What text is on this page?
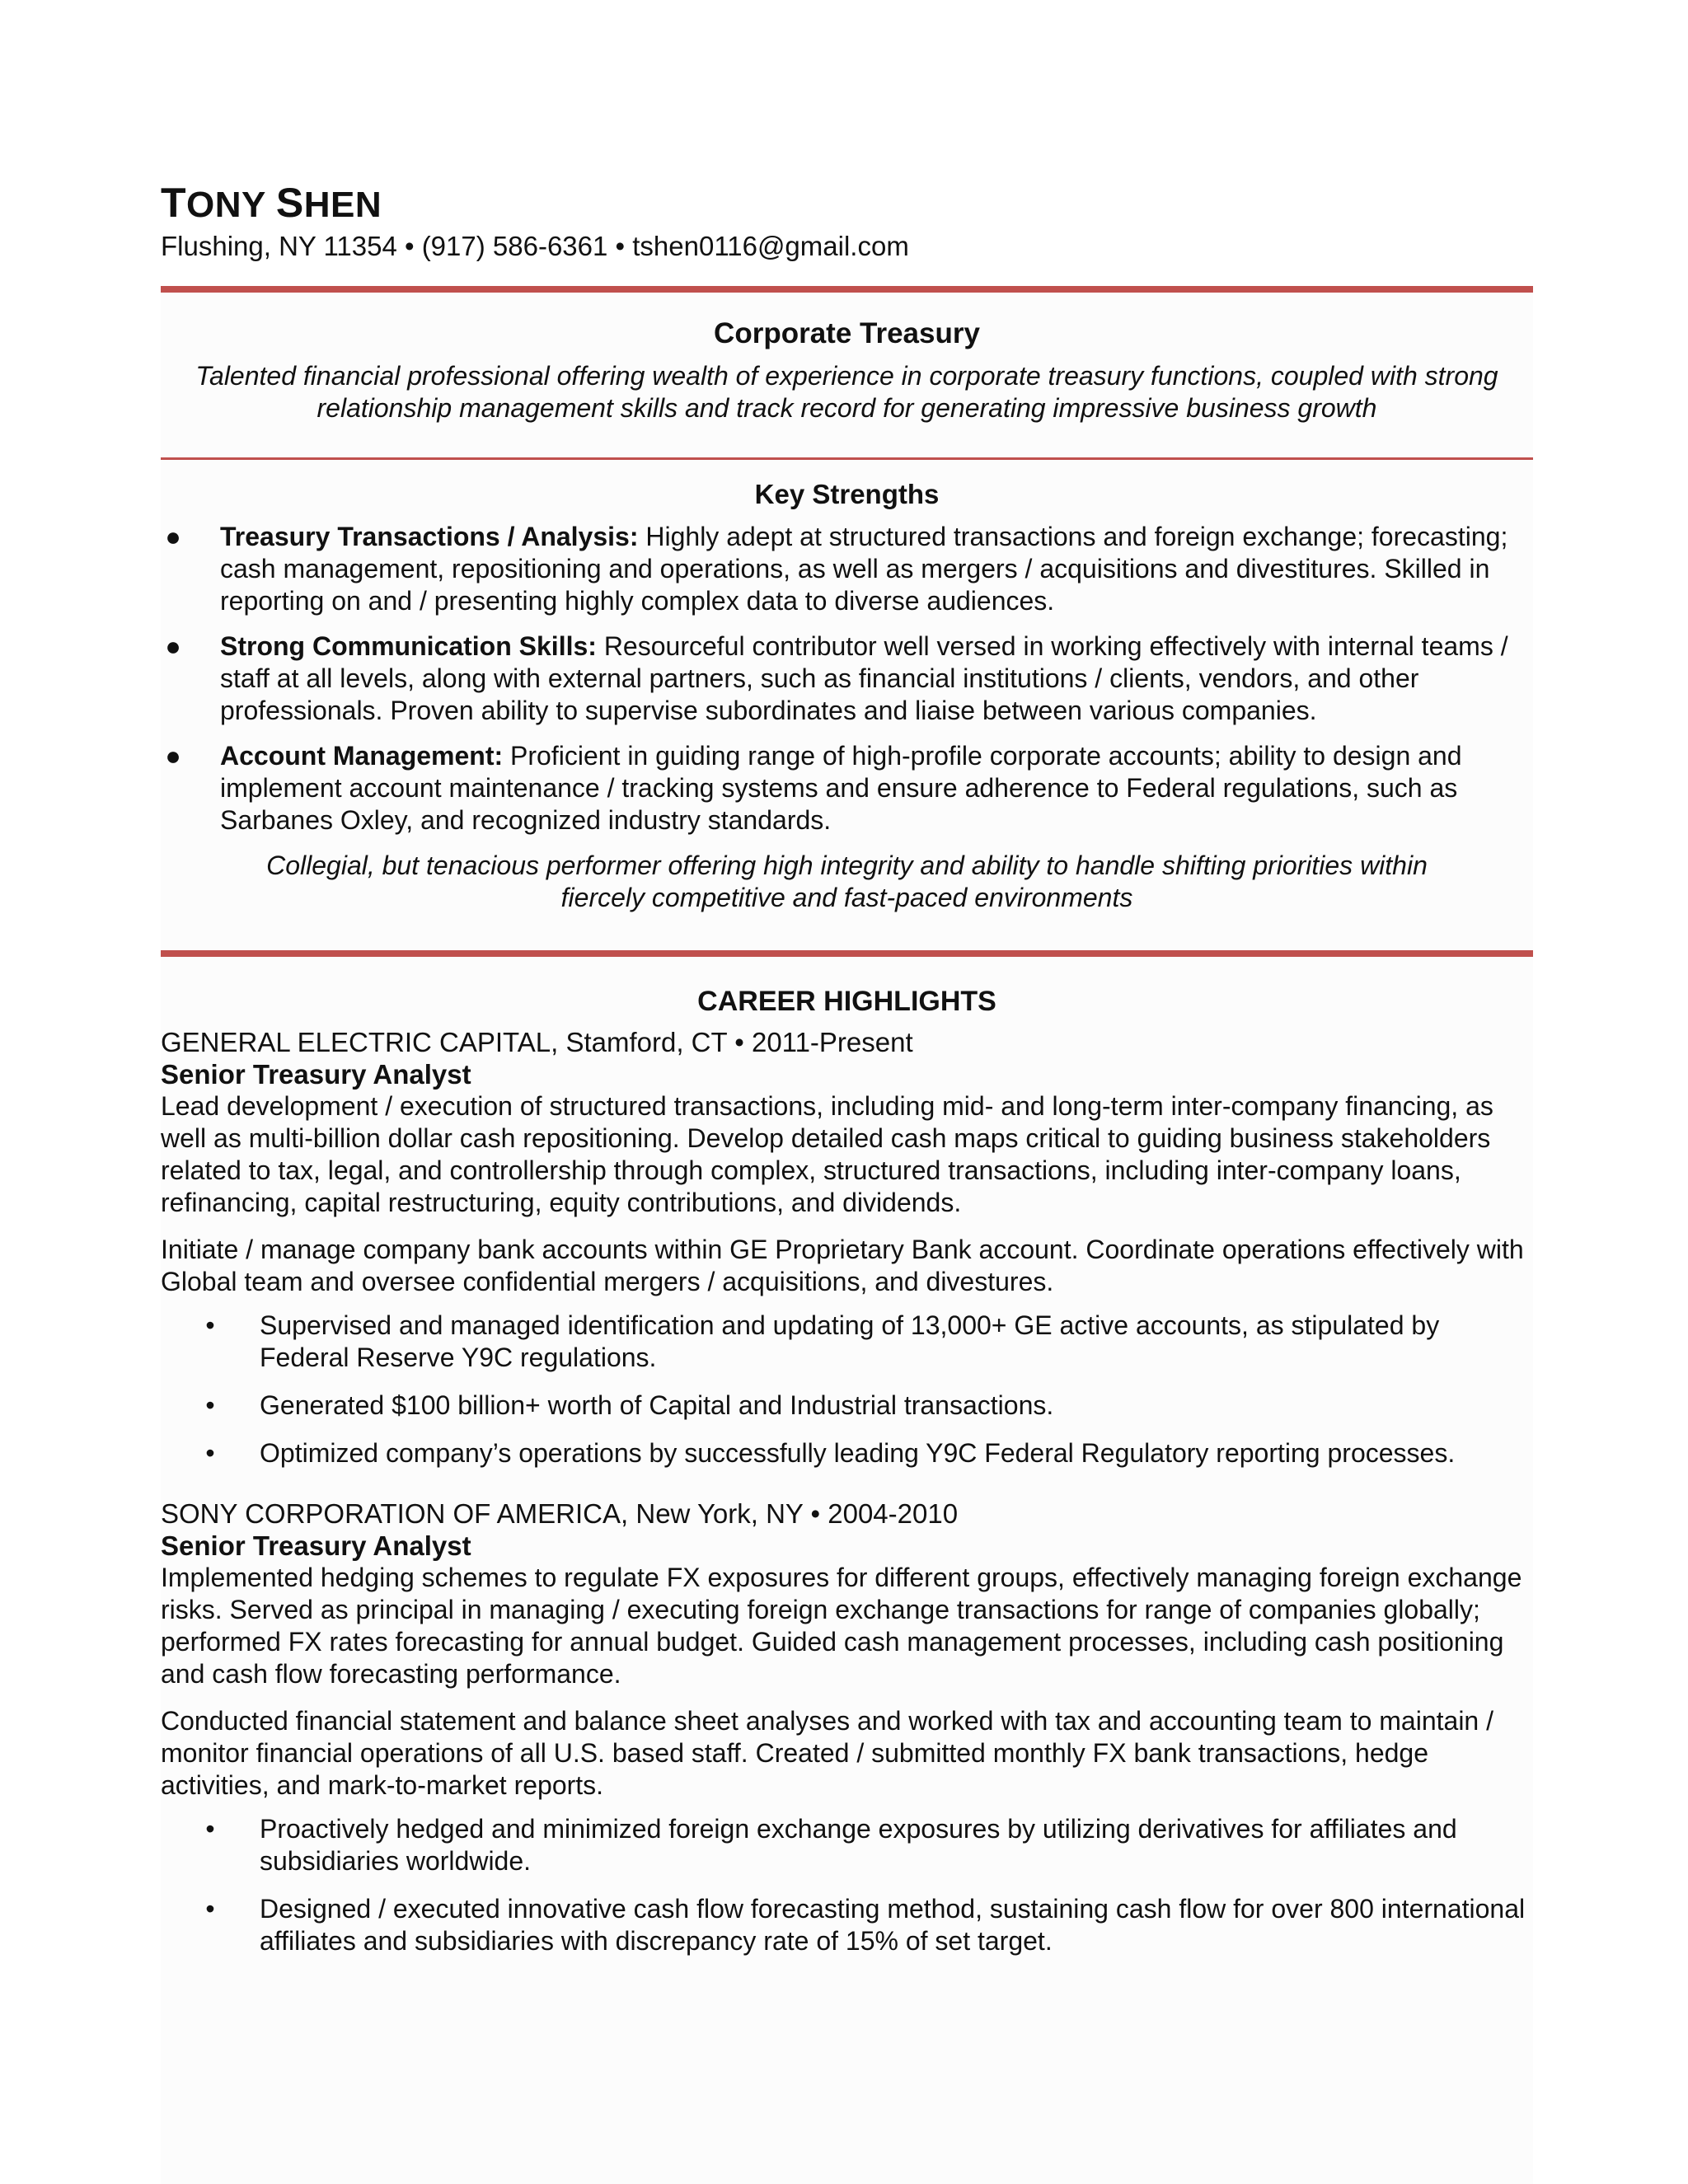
TONY SHEN
Flushing, NY 11354 • (917) 586-6361 • tshen0116@gmail.com
Corporate Treasury
Talented financial professional offering wealth of experience in corporate treasury functions, coupled with strong relationship management skills and track record for generating impressive business growth
Key Strengths
● Treasury Transactions / Analysis: Highly adept at structured transactions and foreign exchange; forecasting; cash management, repositioning and operations, as well as mergers / acquisitions and divestitures. Skilled in reporting on and / presenting highly complex data to diverse audiences.
● Strong Communication Skills: Resourceful contributor well versed in working effectively with internal teams / staff at all levels, along with external partners, such as financial institutions / clients, vendors, and other professionals. Proven ability to supervise subordinates and liaise between various companies.
● Account Management: Proficient in guiding range of high-profile corporate accounts; ability to design and implement account maintenance / tracking systems and ensure adherence to Federal regulations, such as Sarbanes Oxley, and recognized industry standards.
Collegial, but tenacious performer offering high integrity and ability to handle shifting priorities within fiercely competitive and fast-paced environments
CAREER HIGHLIGHTS
GENERAL ELECTRIC CAPITAL, Stamford, CT • 2011-Present
Senior Treasury Analyst

Lead development / execution of structured transactions, including mid- and long-term inter-company financing, as well as multi-billion dollar cash repositioning. Develop detailed cash maps critical to guiding business stakeholders related to tax, legal, and controllership through complex, structured transactions, including inter-company loans, refinancing, capital restructuring, equity contributions, and dividends.

Initiate / manage company bank accounts within GE Proprietary Bank account. Coordinate operations effectively with Global team and oversee confidential mergers / acquisitions, and divestures.

• Supervised and managed identification and updating of 13,000+ GE active accounts, as stipulated by Federal Reserve Y9C regulations.
• Generated $100 billion+ worth of Capital and Industrial transactions.
• Optimized company’s operations by successfully leading Y9C Federal Regulatory reporting processes.
SONY CORPORATION OF AMERICA, New York, NY • 2004-2010
Senior Treasury Analyst

Implemented hedging schemes to regulate FX exposures for different groups, effectively managing foreign exchange risks. Served as principal in managing / executing foreign exchange transactions for range of companies globally; performed FX rates forecasting for annual budget. Guided cash management processes, including cash positioning and cash flow forecasting performance.

Conducted financial statement and balance sheet analyses and worked with tax and accounting team to maintain / monitor financial operations of all U.S. based staff. Created / submitted monthly FX bank transactions, hedge activities, and mark-to-market reports.

• Proactively hedged and minimized foreign exchange exposures by utilizing derivatives for affiliates and subsidiaries worldwide.
• Designed / executed innovative cash flow forecasting method, sustaining cash flow for over 800 international affiliates and subsidiaries with discrepancy rate of 15% of set target.
